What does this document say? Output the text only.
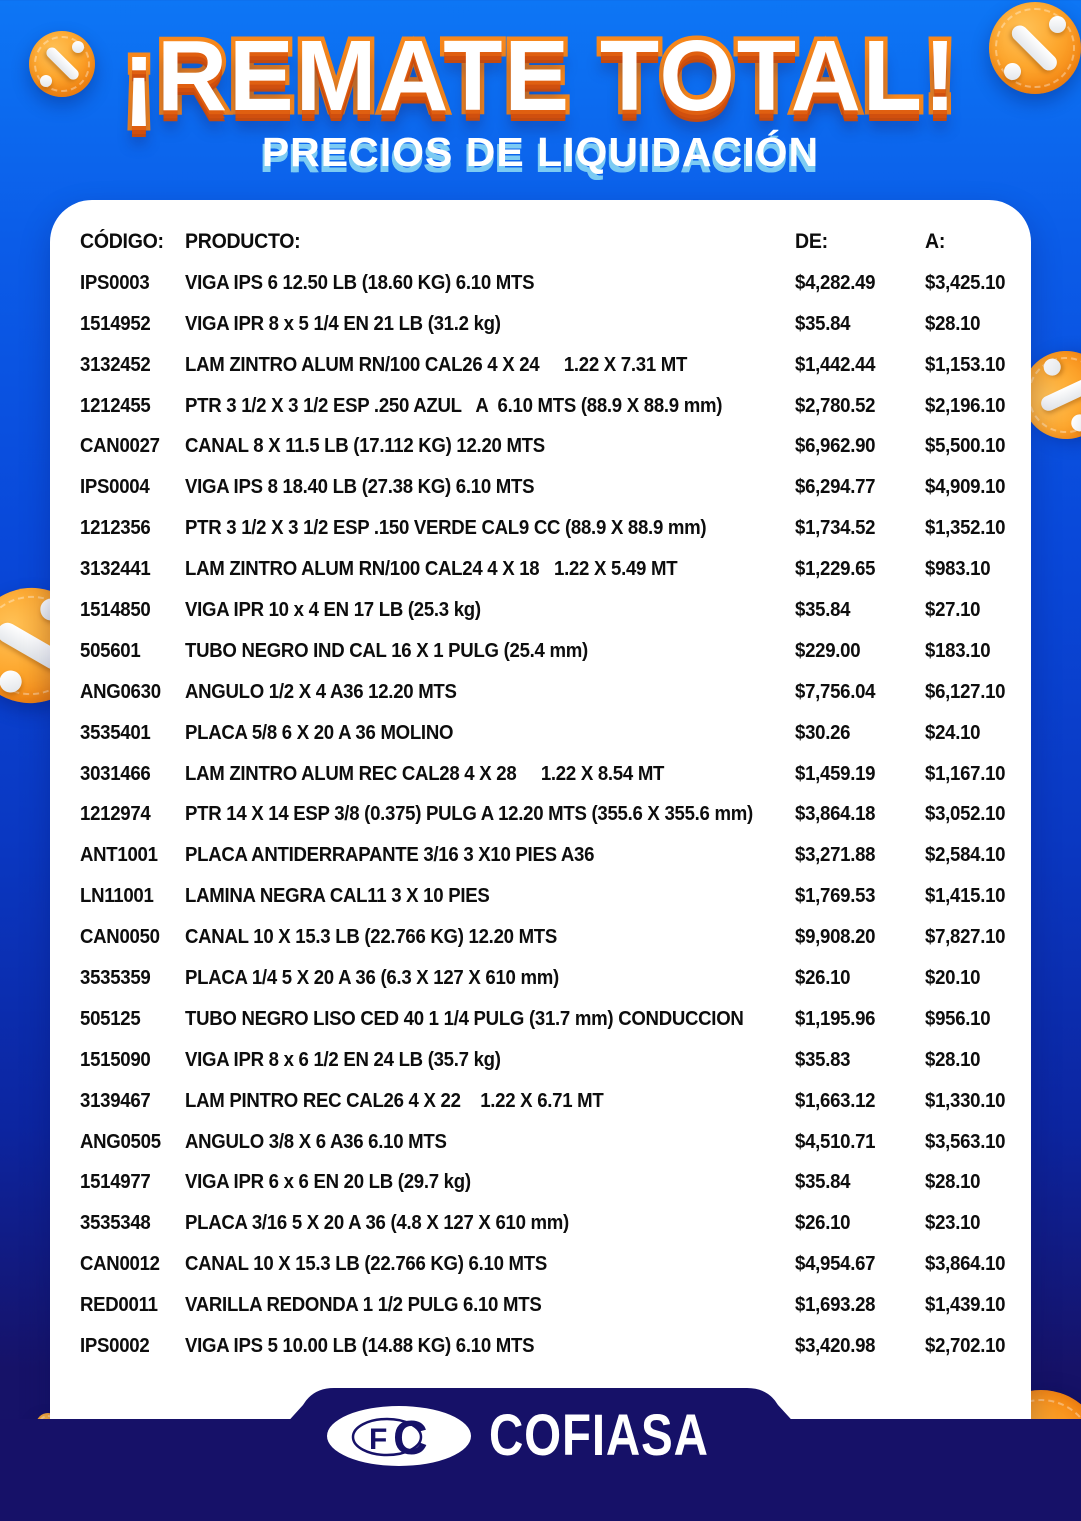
¡REMATE TOTAL!
PRECIOS DE LIQUIDACIÓN
CÓDIGO:	PRODUCTO:	DE:	A:
IPS0003	VIGA IPS 6 12.50 LB (18.60 KG) 6.10 MTS	$4,282.49	$3,425.10
1514952	VIGA IPR 8 x 5 1/4 EN 21 LB (31.2 kg)	$35.84	$28.10
3132452	LAM ZINTRO ALUM RN/100 CAL26 4 X 24     1.22 X 7.31 MT	$1,442.44	$1,153.10
1212455	PTR 3 1/2 X 3 1/2 ESP .250 AZUL   A  6.10 MTS (88.9 X 88.9 mm)	$2,780.52	$2,196.10
CAN0027	CANAL 8 X 11.5 LB (17.112 KG) 12.20 MTS	$6,962.90	$5,500.10
IPS0004	VIGA IPS 8 18.40 LB (27.38 KG) 6.10 MTS	$6,294.77	$4,909.10
1212356	PTR 3 1/2 X 3 1/2 ESP .150 VERDE CAL9 CC (88.9 X 88.9 mm)	$1,734.52	$1,352.10
3132441	LAM ZINTRO ALUM RN/100 CAL24 4 X 18   1.22 X 5.49 MT	$1,229.65	$983.10
1514850	VIGA IPR 10 x 4 EN 17 LB (25.3 kg)	$35.84	$27.10
505601	TUBO NEGRO IND CAL 16 X 1 PULG (25.4 mm)	$229.00	$183.10
ANG0630	ANGULO 1/2 X 4 A36 12.20 MTS	$7,756.04	$6,127.10
3535401	PLACA 5/8 6 X 20 A 36 MOLINO	$30.26	$24.10
3031466	LAM ZINTRO ALUM REC CAL28 4 X 28     1.22 X 8.54 MT	$1,459.19	$1,167.10
1212974	PTR 14 X 14 ESP 3/8 (0.375) PULG A 12.20 MTS (355.6 X 355.6 mm) $3,864.18	$3,052.10
ANT1001	PLACA ANTIDERRAPANTE 3/16 3 X10 PIES A36	$3,271.88	$2,584.10
LN11001	LAMINA NEGRA CAL11 3 X 10 PIES	$1,769.53	$1,415.10
CAN0050	CANAL 10 X 15.3 LB (22.766 KG) 12.20 MTS	$9,908.20	$7,827.10
3535359	PLACA 1/4 5 X 20 A 36 (6.3 X 127 X 610 mm)	$26.10	$20.10
505125	TUBO NEGRO LISO CED 40 1 1/4 PULG (31.7 mm) CONDUCCION	$1,195.96	$956.10
1515090	VIGA IPR 8 x 6 1/2 EN 24 LB (35.7 kg)	$35.83	$28.10
3139467	LAM PINTRO REC CAL26 4 X 22    1.22 X 6.71 MT	$1,663.12	$1,330.10
ANG0505	ANGULO 3/8 X 6 A36 6.10 MTS	$4,510.71	$3,563.10
1514977	VIGA IPR 6 x 6 EN 20 LB (29.7 kg)	$35.84	$28.10
3535348	PLACA 3/16 5 X 20 A 36 (4.8 X 127 X 610 mm)	$26.10	$23.10
CAN0012	CANAL 10 X 15.3 LB (22.766 KG) 6.10 MTS	$4,954.67	$3,864.10
RED0011	VARILLA REDONDA 1 1/2 PULG 6.10 MTS	$1,693.28	$1,439.10
IPS0002	VIGA IPS 5 10.00 LB (14.88 KG) 6.10 MTS	$3,420.98	$2,702.10
F C COFIASA
